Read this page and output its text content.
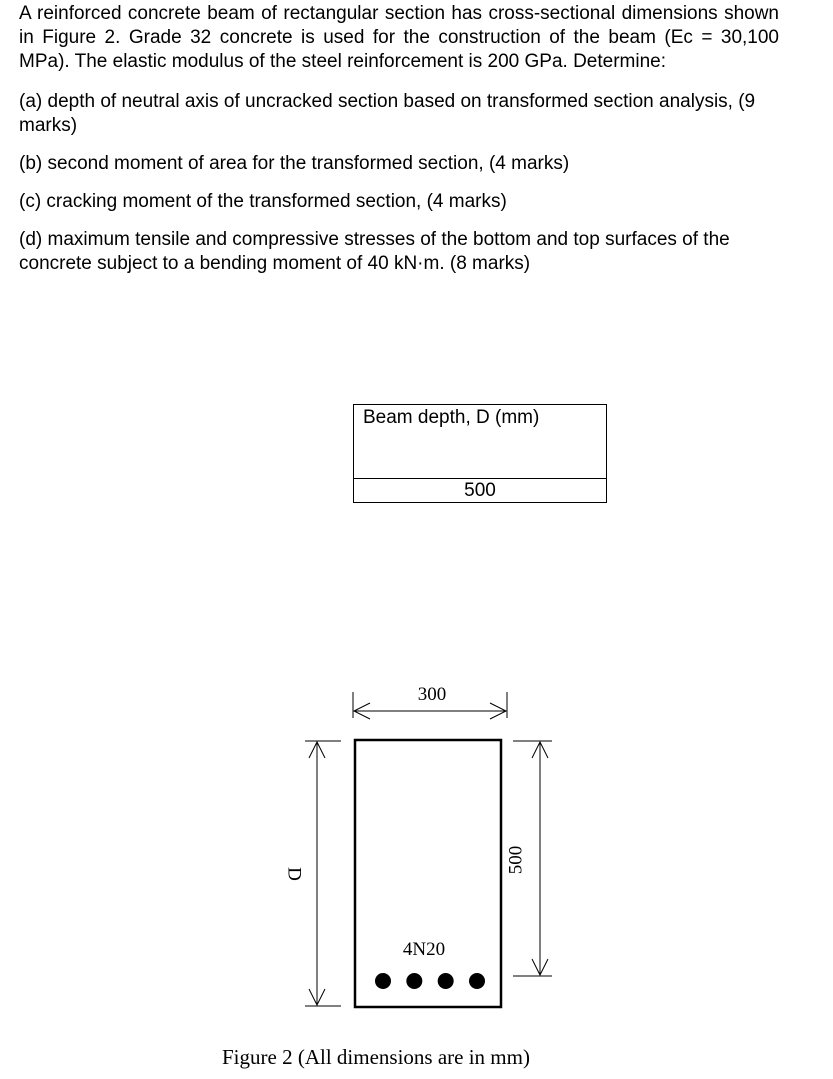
A reinforced concrete beam of rectangular section has cross-sectional dimensions shown in Figure 2. Grade 32 concrete is used for the construction of the beam (Ec = 30,100 MPa). The elastic modulus of the steel reinforcement is 200 GPa. Determine:

(a) depth of neutral axis of uncracked section based on transformed section analysis, (9 marks)

(b) second moment of area for the transformed section, (4 marks)

(c) cracking moment of the transformed section, (4 marks)

(d) maximum tensile and compressive stresses of the bottom and top surfaces of the concrete subject to a bending moment of 40 kN·m. (8 marks)

Beam depth, D (mm)
500
300
D	500
4N20
Figure 2 (All dimensions are in mm)
